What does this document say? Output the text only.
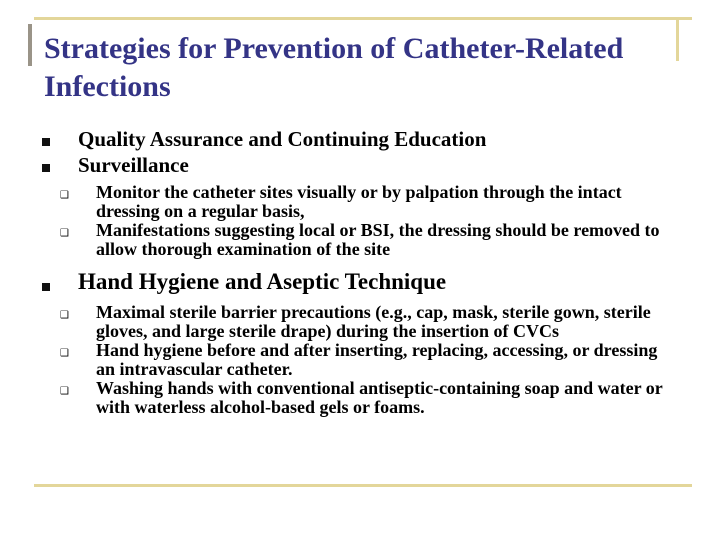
Strategies for Prevention of Catheter-Related Infections
Quality Assurance and Continuing Education
Surveillance
❑ Monitor the catheter sites visually or by palpation through the intact dressing on a regular basis,
❑ Manifestations suggesting local or BSI, the dressing should be removed to allow thorough examination of the site
Hand Hygiene and Aseptic Technique
❑ Maximal sterile barrier precautions (e.g., cap, mask, sterile gown, sterile gloves, and large sterile drape) during the insertion of CVCs
❑ Hand hygiene before and after inserting, replacing, accessing, or dressing an intravascular catheter.
❑ Washing hands with conventional antiseptic-containing soap and water or with waterless alcohol-based gels or foams.
